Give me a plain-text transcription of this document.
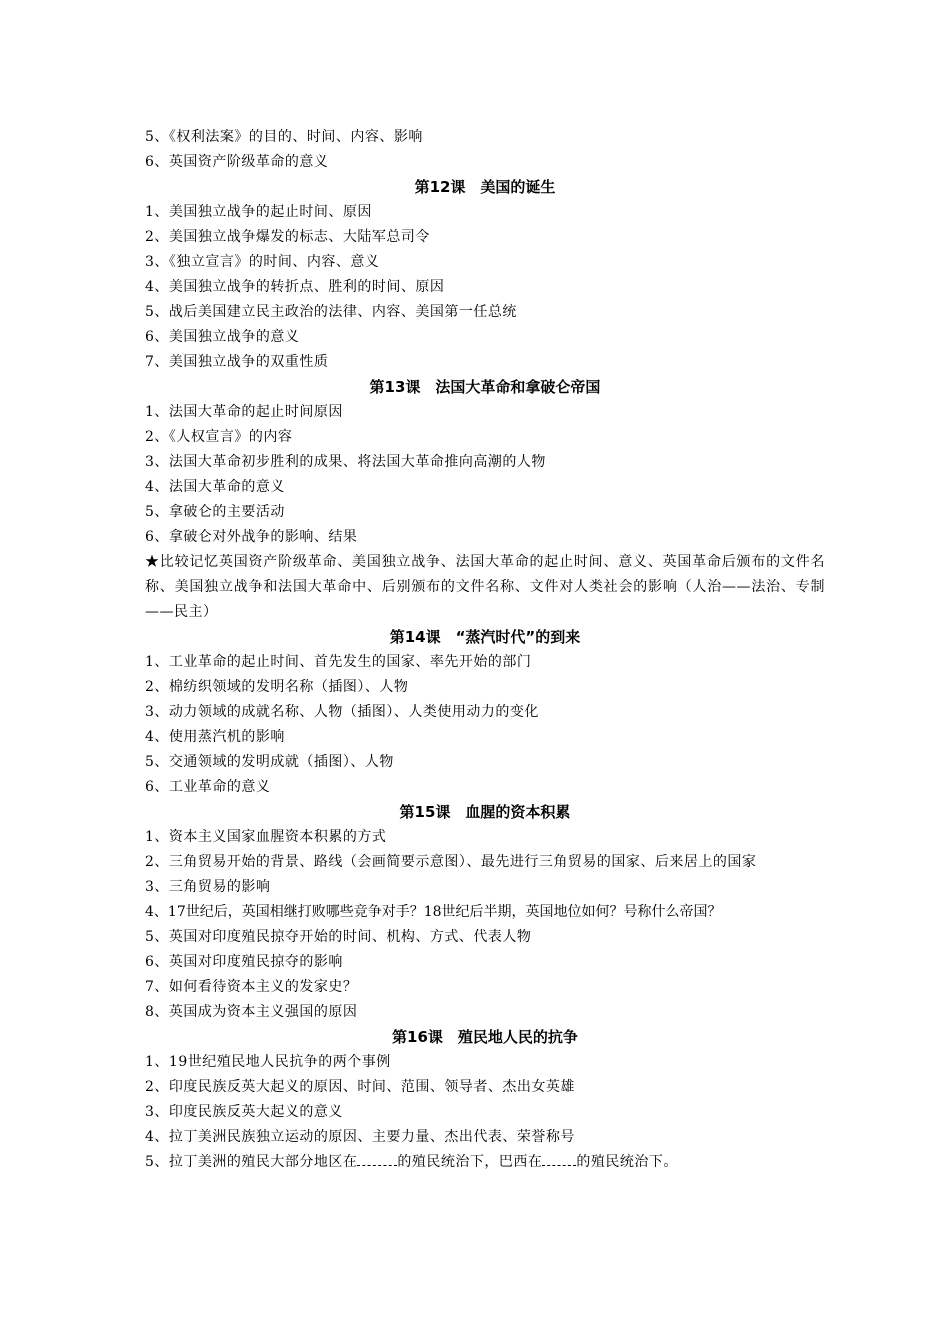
5、《权利法案》的目的、时间、内容、影响
6、英国资产阶级革命的意义
第12课　美国的诞生
1、美国独立战争的起止时间、原因
2、美国独立战争爆发的标志、大陆军总司令
3、《独立宣言》的时间、内容、意义
4、美国独立战争的转折点、胜利的时间、原因
5、战后美国建立民主政治的法律、内容、美国第一任总统
6、美国独立战争的意义
7、美国独立战争的双重性质
第13课　法国大革命和拿破仑帝国
1、法国大革命的起止时间原因
2、《人权宣言》的内容
3、法国大革命初步胜利的成果、将法国大革命推向高潮的人物
4、法国大革命的意义
5、拿破仑的主要活动
6、拿破仑对外战争的影响、结果
★比较记忆英国资产阶级革命、美国独立战争、法国大革命的起止时间、意义、英国革命后颁布的文件名称、美国独立战争和法国大革命中、后别颁布的文件名称、文件对人类社会的影响（人治——法治、专制——民主）
第14课　“蒸汽时代”的到来
1、工业革命的起止时间、首先发生的国家、率先开始的部门
2、棉纺织领域的发明名称（插图）、人物
3、动力领域的成就名称、人物（插图）、人类使用动力的变化
4、使用蒸汽机的影响
5、交通领域的发明成就（插图）、人物
6、工业革命的意义
第15课　血腥的资本积累
1、资本主义国家血腥资本积累的方式
2、三角贸易开始的背景、路线（会画简要示意图）、最先进行三角贸易的国家、后来居上的国家
3、三角贸易的影响
4、17世纪后，英国相继打败哪些竞争对手？18世纪后半期，英国地位如何？号称什么帝国？
5、英国对印度殖民掠夺开始的时间、机构、方式、代表人物
6、英国对印度殖民掠夺的影响
7、如何看待资本主义的发家史？
8、英国成为资本主义强国的原因
第16课　殖民地人民的抗争
1、19世纪殖民地人民抗争的两个事例
2、印度民族反英大起义的原因、时间、范围、领导者、杰出女英雄
3、印度民族反英大起义的意义
4、拉丁美洲民族独立运动的原因、主要力量、杰出代表、荣誉称号
5、拉丁美洲的殖民大部分地区在	的殖民统治下，巴西在 的殖民统治下。
